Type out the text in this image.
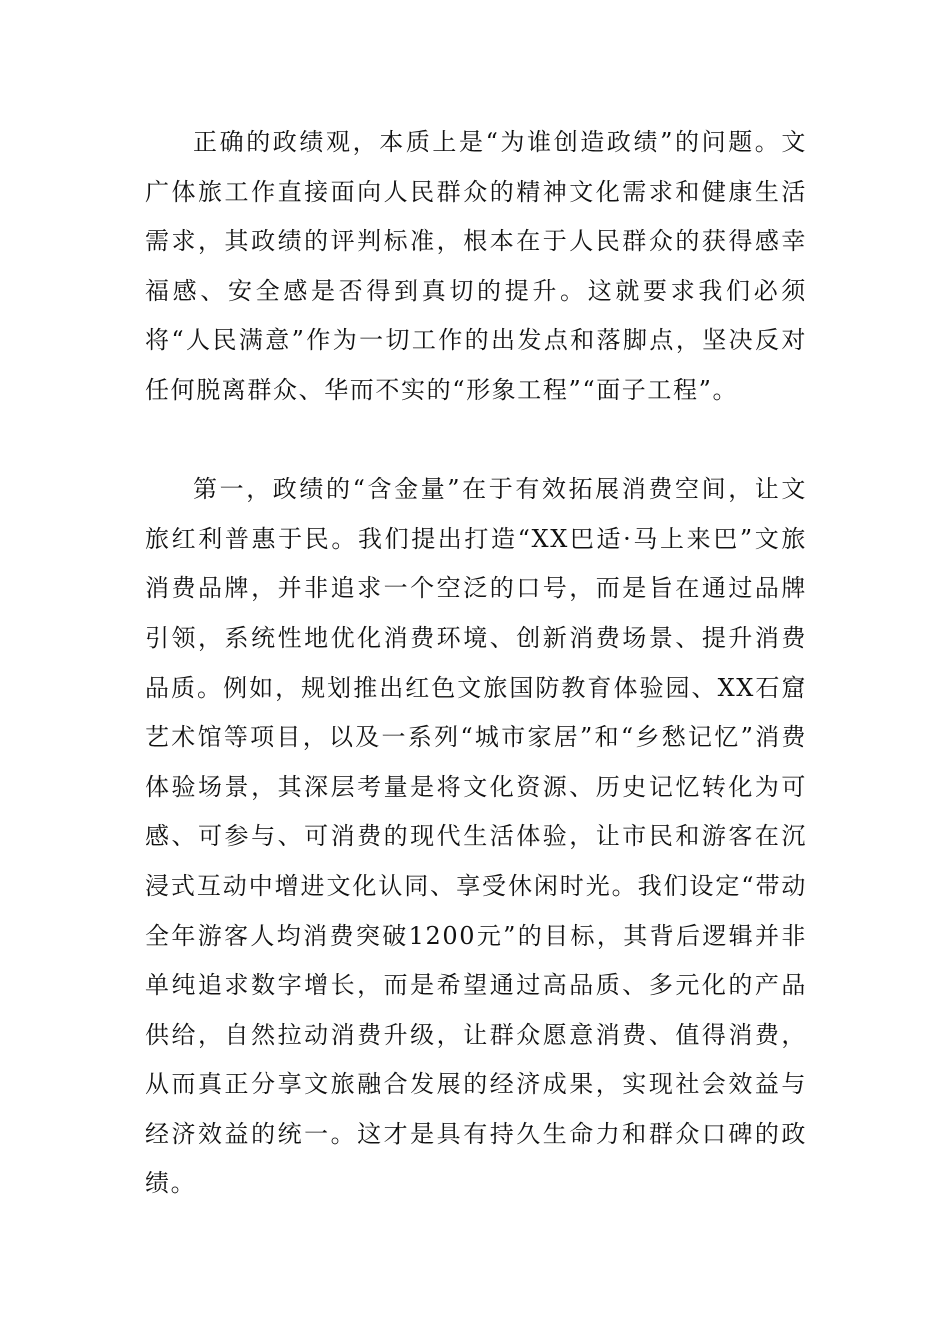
正确的政绩观，本质上是“为谁创造政绩”的问题。文广体旅工作直接面向人民群众的精神文化需求和健康生活需求，其政绩的评判标准，根本在于人民群众的获得感幸福感、安全感是否得到真切的提升。这就要求我们必须将“人民满意”作为一切工作的出发点和落脚点，坚决反对任何脱离群众、华而不实的“形象工程”“面子工程”。

第一，政绩的“含金量”在于有效拓展消费空间，让文旅红利普惠于民。我们提出打造“XX巴适·马上来巴”文旅消费品牌，并非追求一个空泛的口号，而是旨在通过品牌引领，系统性地优化消费环境、创新消费场景、提升消费品质。例如，规划推出红色文旅国防教育体验园、XX石窟艺术馆等项目，以及一系列“城市家居”和“乡愁记忆”消费体验场景，其深层考量是将文化资源、历史记忆转化为可感、可参与、可消费的现代生活体验，让市民和游客在沉浸式互动中增进文化认同、享受休闲时光。我们设定“带动全年游客人均消费突破1200元”的目标，其背后逻辑并非单纯追求数字增长，而是希望通过高品质、多元化的产品供给，自然拉动消费升级，让群众愿意消费、值得消费，从而真正分享文旅融合发展的经济成果，实现社会效益与经济效益的统一。这才是具有持久生命力和群众口碑的政绩。
